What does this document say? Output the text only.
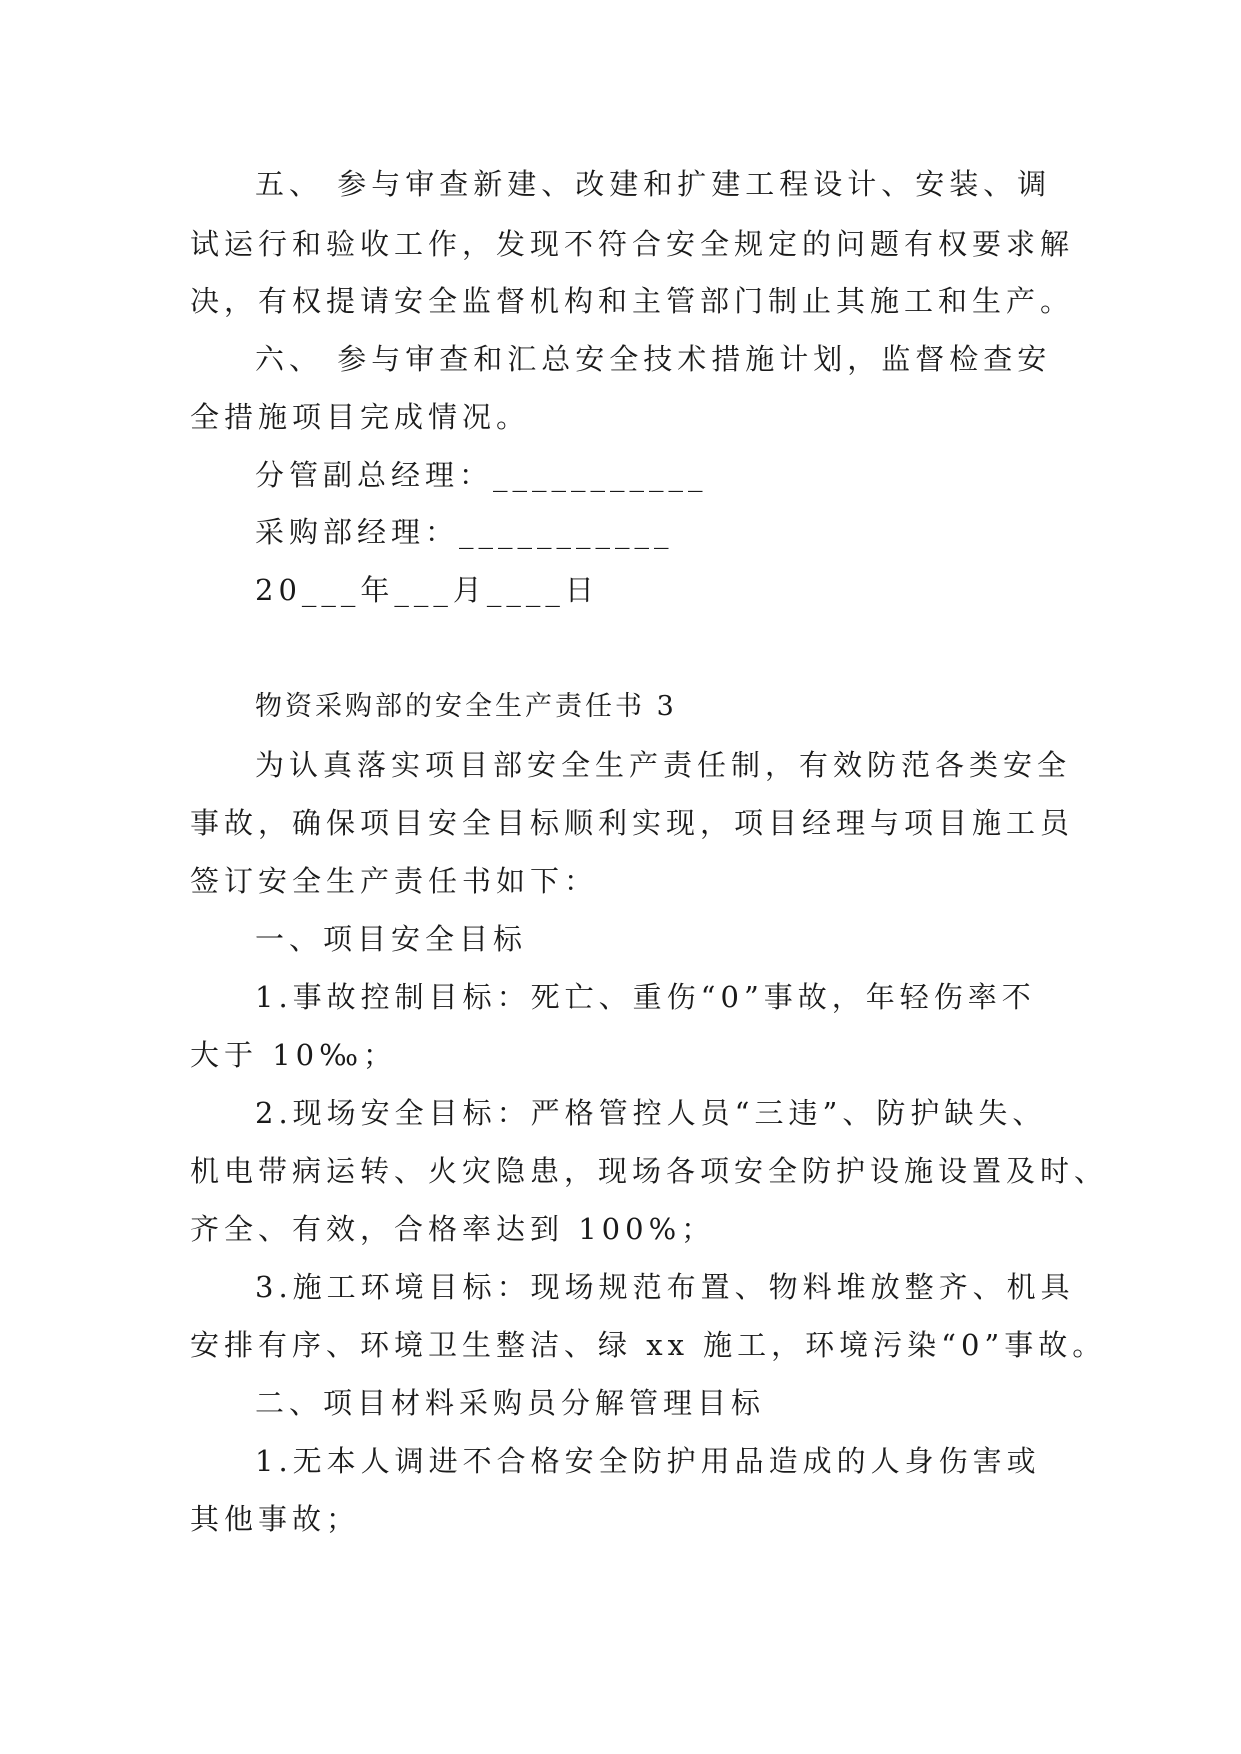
五、 参与审查新建、改建和扩建工程设计、安装、调
试运行和验收工作，发现不符合安全规定的问题有权要求解
决，有权提请安全监督机构和主管部门制止其施工和生产。
六、 参与审查和汇总安全技术措施计划，监督检查安
全措施项目完成情况。
分管副总经理：___________
采购部经理：___________
20___年___月____日
物资采购部的安全生产责任书 3
为认真落实项目部安全生产责任制，有效防范各类安全
事故，确保项目安全目标顺利实现，项目经理与项目施工员
签订安全生产责任书如下：
一、项目安全目标
1.事故控制目标：死亡、重伤“0”事故，年轻伤率不
大于 10‰；
2.现场安全目标：严格管控人员“三违”、防护缺失、
机电带病运转、火灾隐患，现场各项安全防护设施设置及时、
齐全、有效，合格率达到 100%；
3.施工环境目标：现场规范布置、物料堆放整齐、机具
安排有序、环境卫生整洁、绿 xx 施工，环境污染“0”事故。
二、项目材料采购员分解管理目标
1.无本人调进不合格安全防护用品造成的人身伤害或
其他事故；
